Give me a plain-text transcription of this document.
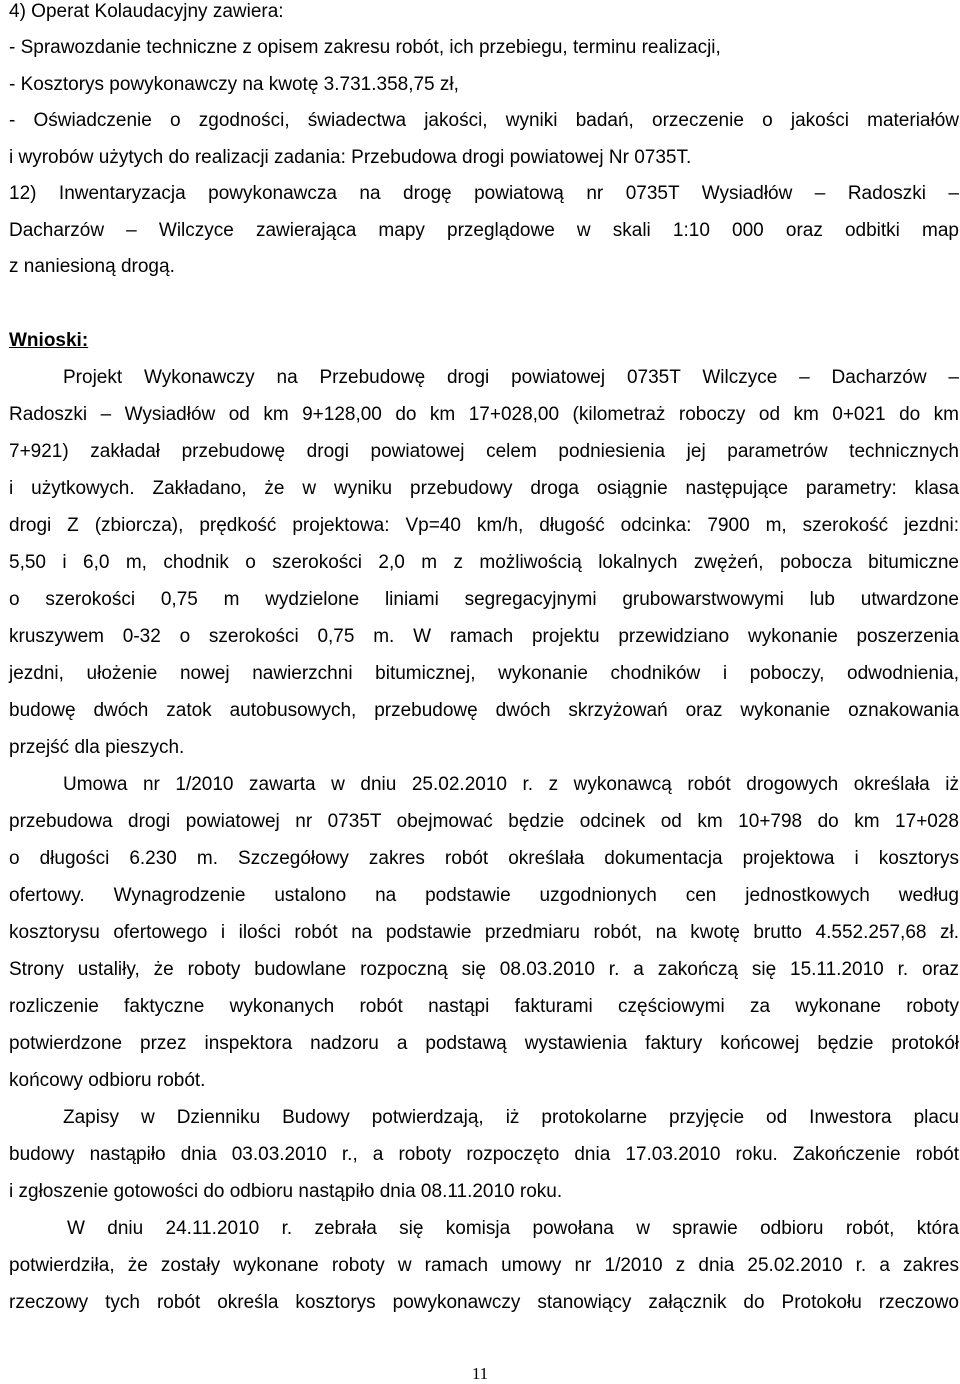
4) Operat Kolaudacyjny zawiera:
- Sprawozdanie techniczne z opisem zakresu robót, ich przebiegu, terminu realizacji,
- Kosztorys powykonawczy na kwotę 3.731.358,75 zł,
- Oświadczenie o zgodności, świadectwa jakości, wyniki badań, orzeczenie o jakości materiałów
i wyrobów użytych do realizacji zadania: Przebudowa drogi powiatowej Nr 0735T.
12) Inwentaryzacja powykonawcza na drogę powiatową nr 0735T Wysiadłów – Radoszki –
Dacharzów – Wilczyce zawierająca mapy przeglądowe w skali 1:10 000 oraz odbitki map
z naniesioną drogą.
Wnioski:
Projekt Wykonawczy na Przebudowę drogi powiatowej 0735T Wilczyce – Dacharzów –
Radoszki – Wysiadłów od km 9+128,00 do km 17+028,00 (kilometraż roboczy od km 0+021 do km
7+921) zakładał przebudowę drogi powiatowej celem podniesienia jej parametrów technicznych
i użytkowych. Zakładano, że w wyniku przebudowy droga osiągnie następujące parametry: klasa
drogi Z (zbiorcza), prędkość projektowa: Vp=40 km/h, długość odcinka: 7900 m, szerokość jezdni:
5,50 i 6,0 m, chodnik o szerokości 2,0 m z możliwością lokalnych zwężeń, pobocza bitumiczne
o szerokości 0,75 m wydzielone liniami segregacyjnymi grubowarstwowymi lub utwardzone
kruszywem 0-32 o szerokości 0,75 m. W ramach projektu przewidziano wykonanie poszerzenia
jezdni, ułożenie nowej nawierzchni bitumicznej, wykonanie chodników i poboczy, odwodnienia,
budowę dwóch zatok autobusowych, przebudowę dwóch skrzyżowań oraz wykonanie oznakowania
przejść dla pieszych.
Umowa nr 1/2010 zawarta w dniu 25.02.2010 r. z wykonawcą robót drogowych określała iż
przebudowa drogi powiatowej nr 0735T obejmować będzie odcinek od km 10+798 do km 17+028
o długości 6.230 m. Szczegółowy zakres robót określała dokumentacja projektowa i kosztorys
ofertowy. Wynagrodzenie ustalono na podstawie uzgodnionych cen jednostkowych według
kosztorysu ofertowego i ilości robót na podstawie przedmiaru robót, na kwotę brutto 4.552.257,68 zł.
Strony ustaliły, że roboty budowlane rozpoczną się 08.03.2010 r. a zakończą się 15.11.2010 r. oraz
rozliczenie faktyczne wykonanych robót nastąpi fakturami częściowymi za wykonane roboty
potwierdzone przez inspektora nadzoru a podstawą wystawienia faktury końcowej będzie protokół
końcowy odbioru robót.
Zapisy w Dzienniku Budowy potwierdzają, iż protokolarne przyjęcie od Inwestora placu
budowy nastąpiło dnia 03.03.2010 r., a roboty rozpoczęto dnia 17.03.2010 roku. Zakończenie robót
i zgłoszenie gotowości do odbioru nastąpiło dnia 08.11.2010 roku.
W dniu 24.11.2010 r. zebrała się komisja powołana w sprawie odbioru robót, która
potwierdziła, że zostały wykonane roboty w ramach umowy nr 1/2010 z dnia 25.02.2010 r. a zakres
rzeczowy tych robót określa kosztorys powykonawczy stanowiący załącznik do Protokołu rzeczowo
11
